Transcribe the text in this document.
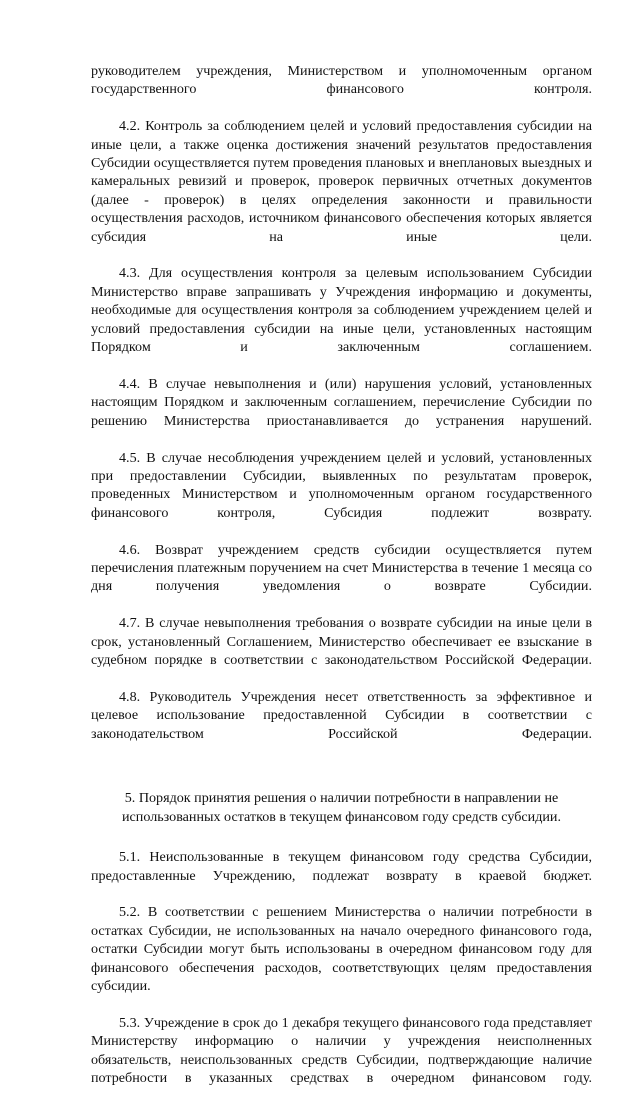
руководителем учреждения, Министерством и уполномоченным органом государственного финансового контроля.

4.2. Контроль за соблюдением целей и условий предоставления субсидии на иные цели, а также оценка достижения значений результатов предоставления Субсидии осуществляется путем проведения плановых и внеплановых выездных и камеральных ревизий и проверок, проверок первичных отчетных документов (далее - проверок) в целях определения законности и правильности осуществления расходов, источником финансового обеспечения которых является субсидия на иные цели.

4.3. Для осуществления контроля за целевым использованием Субсидии Министерство вправе запрашивать у Учреждения информацию и документы, необходимые для осуществления контроля за соблюдением учреждением целей и условий предоставления субсидии на иные цели, установленных настоящим Порядком и заключенным соглашением.

4.4. В случае невыполнения и (или) нарушения условий, установленных настоящим Порядком и заключенным соглашением, перечисление Субсидии по решению Министерства приостанавливается до устранения нарушений.

4.5. В случае несоблюдения учреждением целей и условий, установленных при предоставлении Субсидии, выявленных по результатам проверок, проведенных Министерством и уполномоченным органом государственного финансового контроля, Субсидия подлежит возврату.

4.6. Возврат учреждением средств субсидии осуществляется путем перечисления платежным поручением на счет Министерства в течение 1 месяца со дня получения уведомления о возврате Субсидии.

4.7. В случае невыполнения требования о возврате субсидии на иные цели в срок, установленный Соглашением, Министерство обеспечивает ее взыскание в судебном порядке в соответствии с законодательством Российской Федерации.

4.8. Руководитель Учреждения несет ответственность за эффективное и целевое использование предоставленной Субсидии в соответствии с законодательством Российской Федерации.

5. Порядок принятия решения о наличии потребности в направлении не использованных остатков в текущем финансовом году средств субсидии.

5.1. Неиспользованные в текущем финансовом году средства Субсидии, предоставленные Учреждению, подлежат возврату в краевой бюджет.

5.2. В соответствии с решением Министерства о наличии потребности в остатках Субсидии, не использованных на начало очередного финансового года, остатки Субсидии могут быть использованы в очередном финансовом году для финансового обеспечения расходов, соответствующих целям предоставления субсидии.

5.3. Учреждение в срок до 1 декабря текущего финансового года представляет Министерству информацию о наличии у учреждения неисполненных обязательств, неиспользованных средств Субсидии, подтверждающие наличие потребности в указанных средствах в очередном финансовом году.
